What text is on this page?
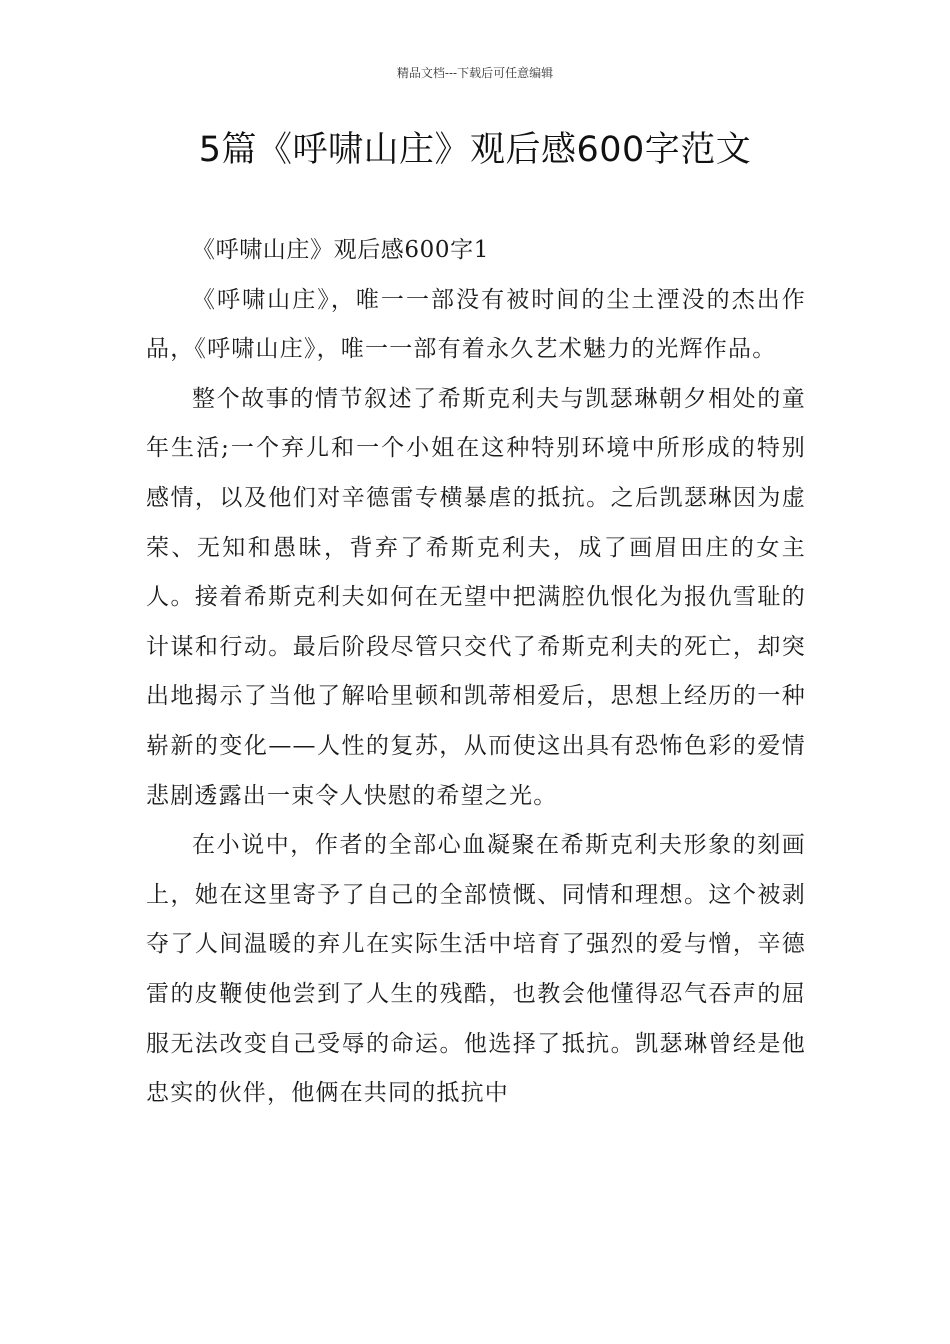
精品文档---下载后可任意编辑
5篇《呼啸山庄》观后感600字范文

《呼啸山庄》观后感600字1

《呼啸山庄》，唯一一部没有被时间的尘土湮没的杰出作品，《呼啸山庄》，唯一一部有着永久艺术魅力的光辉作品。

整个故事的情节叙述了希斯克利夫与凯瑟琳朝夕相处的童年生活;一个弃儿和一个小姐在这种特别环境中所形成的特别感情，以及他们对辛德雷专横暴虐的抵抗。之后凯瑟琳因为虚荣、无知和愚昧，背弃了希斯克利夫，成了画眉田庄的女主人。接着希斯克利夫如何在无望中把满腔仇恨化为报仇雪耻的计谋和行动。最后阶段尽管只交代了希斯克利夫的死亡，却突出地揭示了当他了解哈里顿和凯蒂相爱后，思想上经历的一种崭新的变化——人性的复苏，从而使这出具有恐怖色彩的爱情悲剧透露出一束令人快慰的希望之光。

在小说中，作者的全部心血凝聚在希斯克利夫形象的刻画上，她在这里寄予了自己的全部愤慨、同情和理想。这个被剥夺了人间温暖的弃儿在实际生活中培育了强烈的爱与憎，辛德雷的皮鞭使他尝到了人生的残酷，也教会他懂得忍气吞声的屈服无法改变自己受辱的命运。他选择了抵抗。凯瑟琳曾经是他忠实的伙伴，他俩在共同的抵抗中
